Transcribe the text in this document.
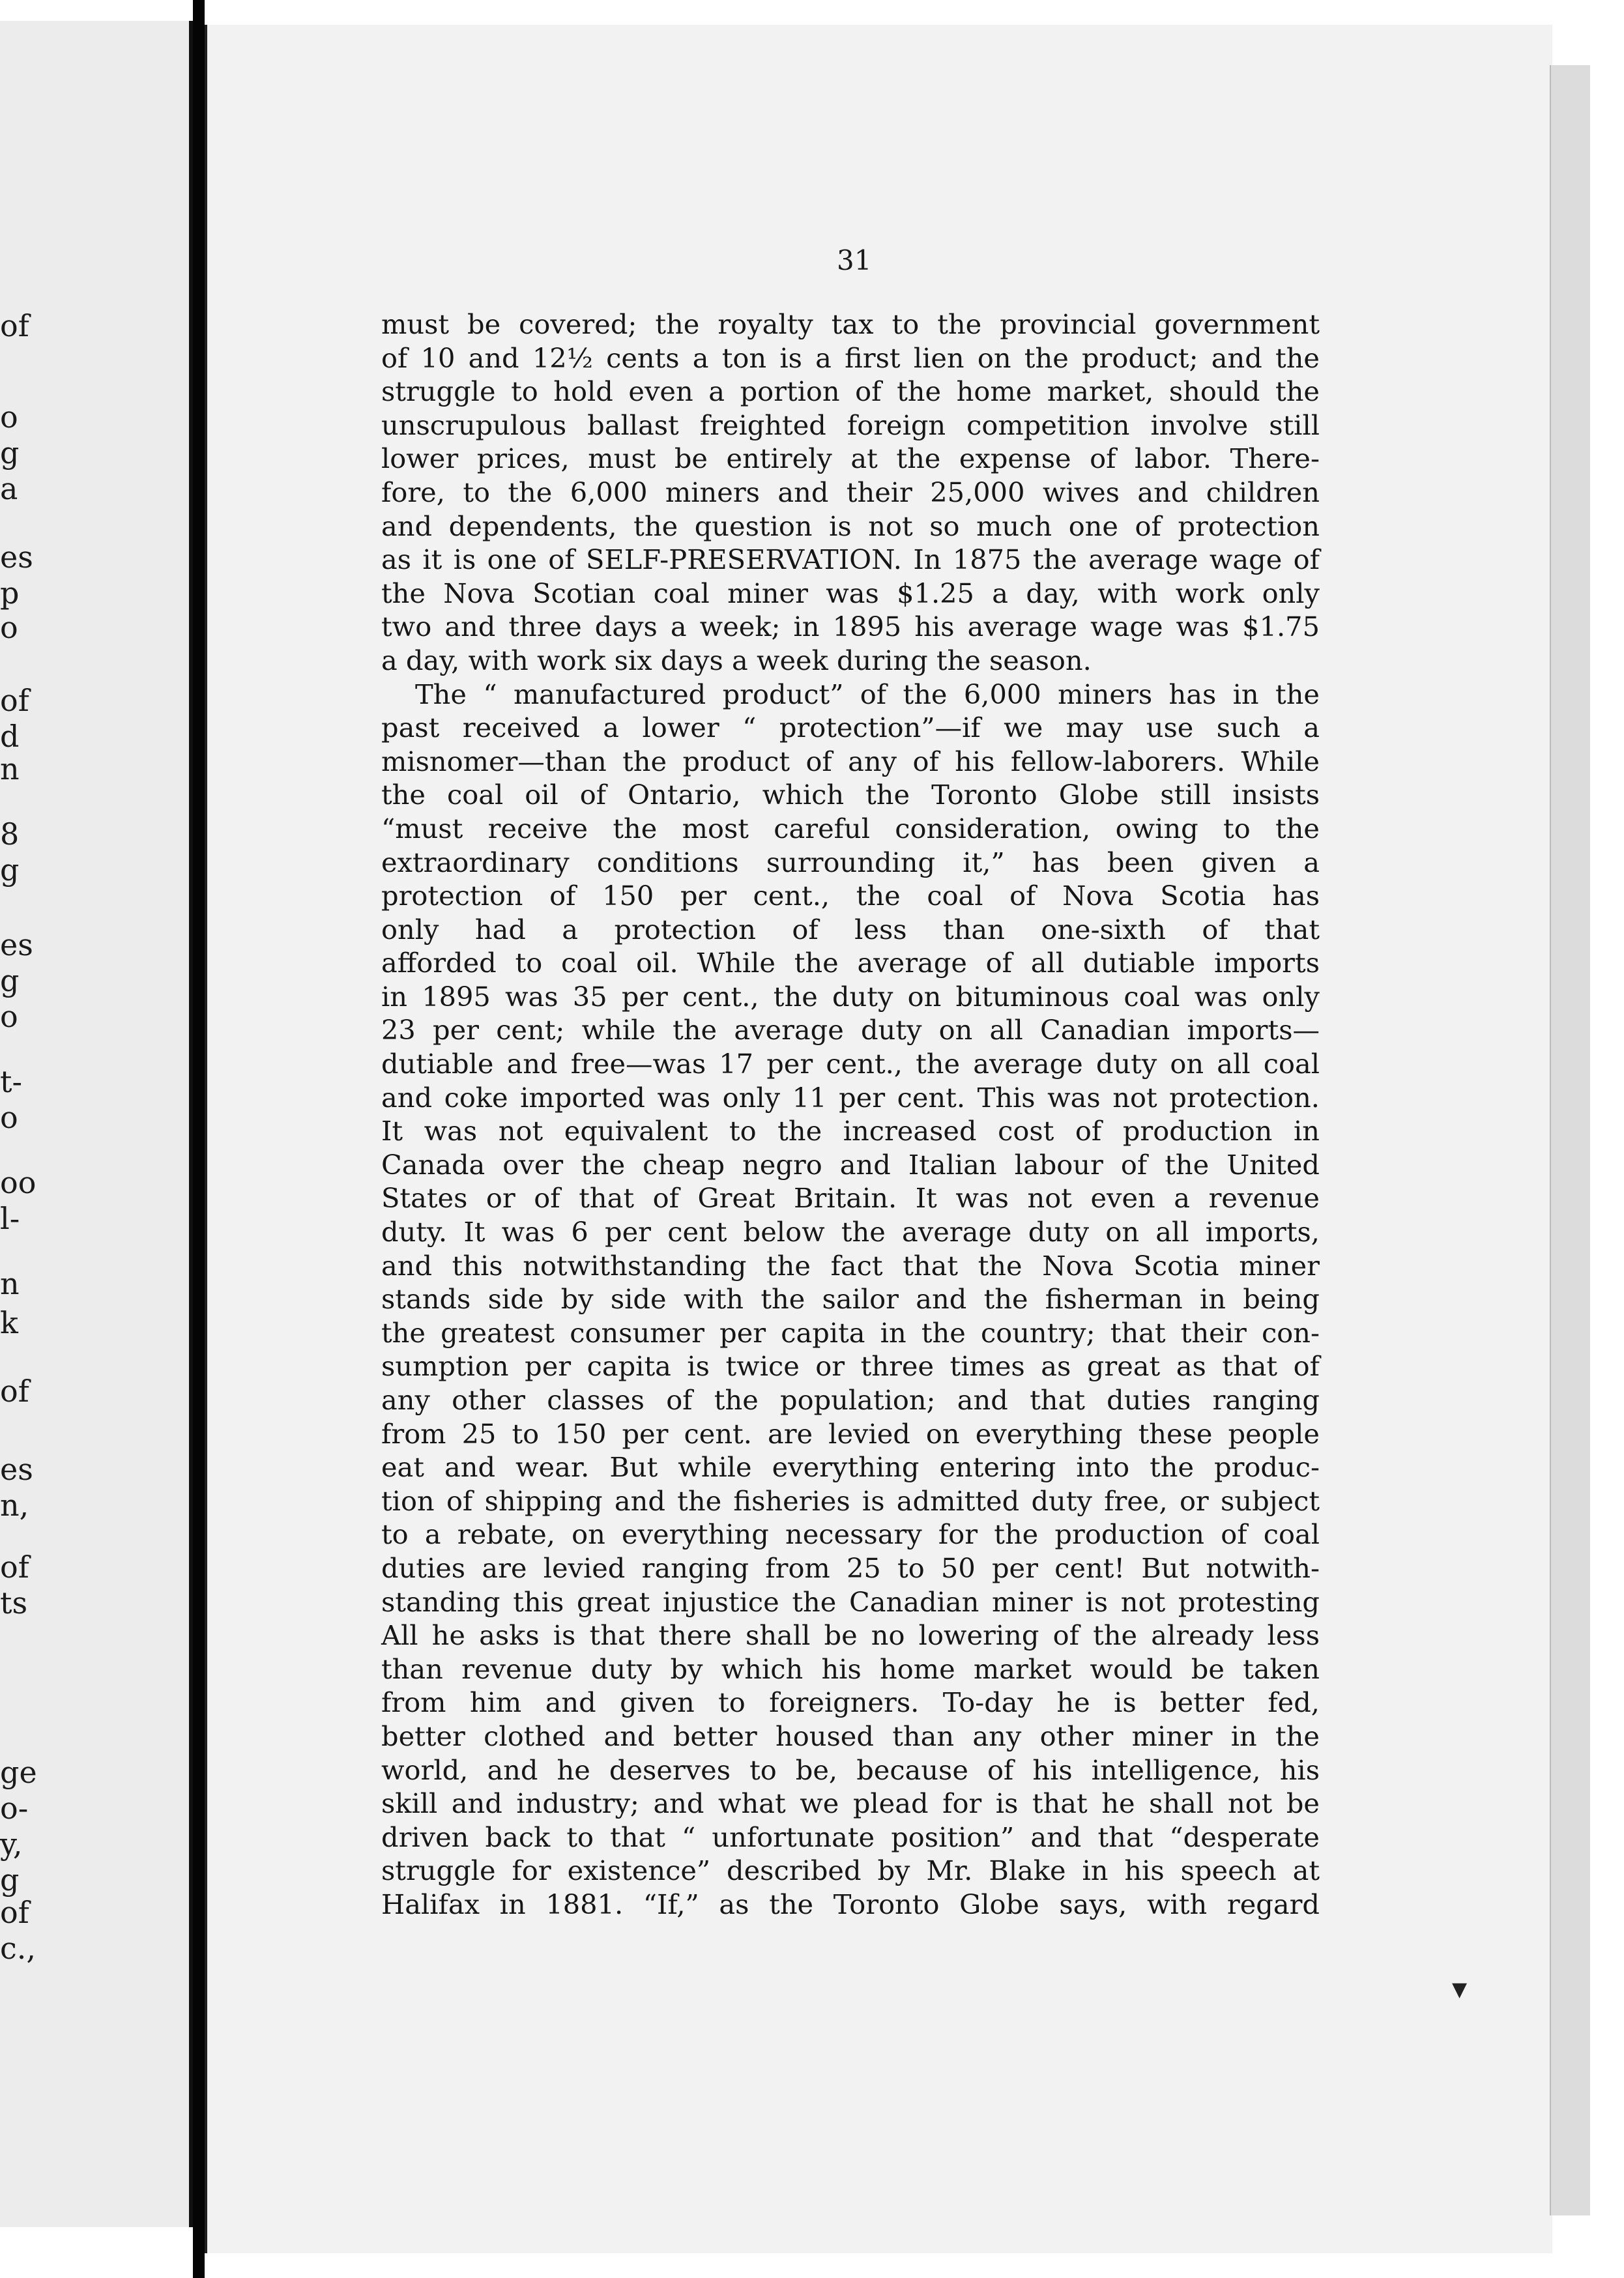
of
o
g
a
es
p
o
of
d
n
8
g
es
g
o
t-
o
oo
l-
n
k
of
es
n,
of
ts
ge
o-
y,
g
of
c.,
31
must be covered; the royalty tax to the provincial government
of 10 and 12½ cents a ton is a first lien on the product; and the
struggle to hold even a portion of the home market, should the
unscrupulous ballast freighted foreign competition involve still
lower prices, must be entirely at the expense of labor. There-
fore, to the 6,000 miners and their 25,000 wives and children
and dependents, the question is not so much one of protection
as it is one of SELF-PRESERVATION. In 1875 the average wage of
the Nova Scotian coal miner was $1.25 a day, with work only
two and three days a week; in 1895 his average wage was $1.75
a day, with work six days a week during the season.
The “ manufactured product” of the 6,000 miners has in the
past received a lower “ protection”—if we may use such a
misnomer—than the product of any of his fellow-laborers. While
the coal oil of Ontario, which the Toronto Globe still insists
“must receive the most careful consideration, owing to the
extraordinary conditions surrounding it,” has been given a
protection of 150 per cent., the coal of Nova Scotia has
only had a protection of less than one-sixth of that
afforded to coal oil. While the average of all dutiable imports
in 1895 was 35 per cent., the duty on bituminous coal was only
23 per cent; while the average duty on all Canadian imports—
dutiable and free—was 17 per cent., the average duty on all coal
and coke imported was only 11 per cent. This was not protection.
It was not equivalent to the increased cost of production in
Canada over the cheap negro and Italian labour of the United
States or of that of Great Britain. It was not even a revenue
duty. It was 6 per cent below the average duty on all imports,
and this notwithstanding the fact that the Nova Scotia miner
stands side by side with the sailor and the fisherman in being
the greatest consumer per capita in the country; that their con-
sumption per capita is twice or three times as great as that of
any other classes of the population; and that duties ranging
from 25 to 150 per cent. are levied on everything these people
eat and wear. But while everything entering into the produc-
tion of shipping and the fisheries is admitted duty free, or subject
to a rebate, on everything necessary for the production of coal
duties are levied ranging from 25 to 50 per cent! But notwith-
standing this great injustice the Canadian miner is not protesting
All he asks is that there shall be no lowering of the already less
than revenue duty by which his home market would be taken
from him and given to foreigners. To-day he is better fed,
better clothed and better housed than any other miner in the
world, and he deserves to be, because of his intelligence, his
skill and industry; and what we plead for is that he shall not be
driven back to that “ unfortunate position” and that “desperate
struggle for existence” described by Mr. Blake in his speech at
Halifax in 1881. “If,” as the Toronto Globe says, with regard
▼
